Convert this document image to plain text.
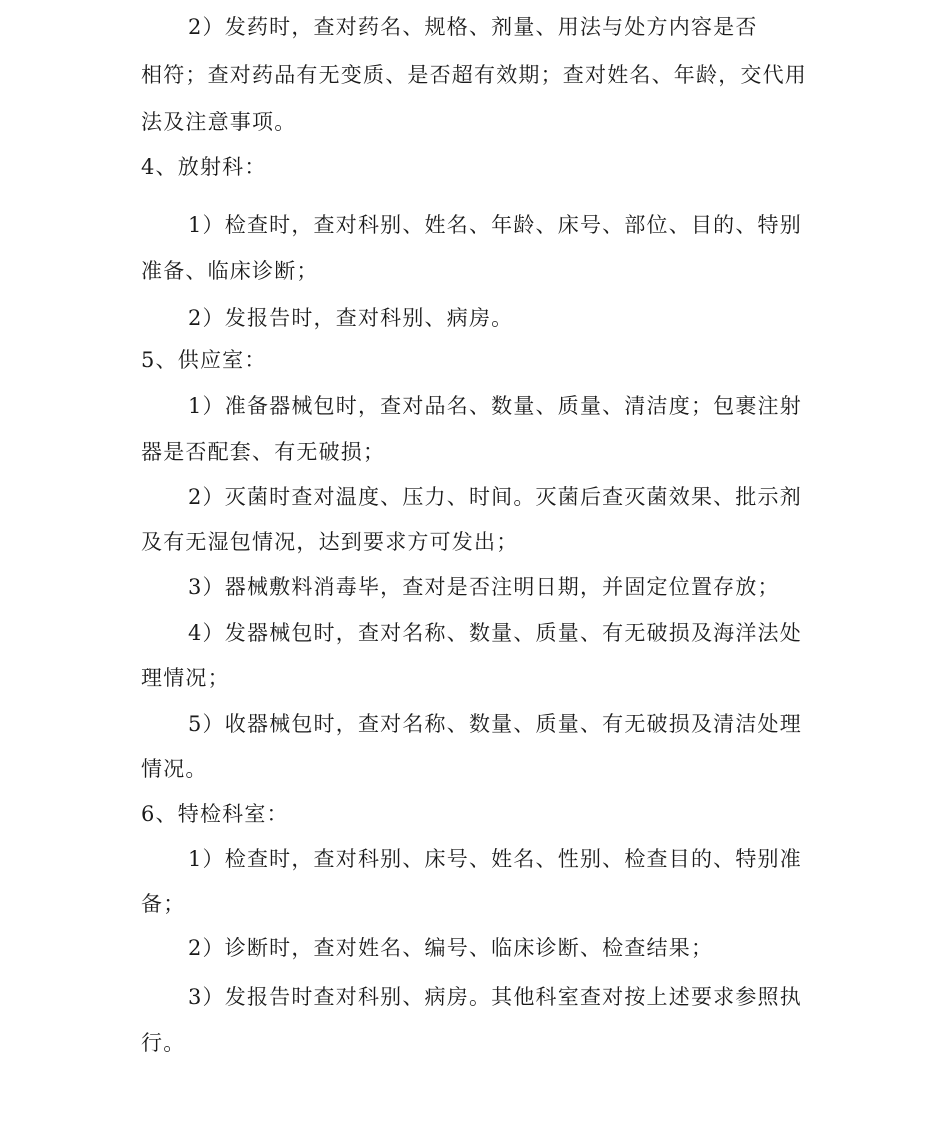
2）发药时，查对药名、规格、剂量、用法与处方内容是否
相符；查对药品有无变质、是否超有效期；查对姓名、年龄，交代用
法及注意事项。
4、放射科：
1）检查时，查对科别、姓名、年龄、床号、部位、目的、特别
准备、临床诊断；
2）发报告时，查对科别、病房。
5、供应室：
1）准备器械包时，查对品名、数量、质量、清洁度；包裹注射
器是否配套、有无破损；
2）灭菌时查对温度、压力、时间。灭菌后查灭菌效果、批示剂
及有无湿包情况，达到要求方可发出；
3）器械敷料消毒毕，查对是否注明日期，并固定位置存放；
4）发器械包时，查对名称、数量、质量、有无破损及海洋法处
理情况；
5）收器械包时，查对名称、数量、质量、有无破损及清洁处理
情况。
6、特检科室：
1）检查时，查对科别、床号、姓名、性别、检查目的、特别准
备；
2）诊断时，查对姓名、编号、临床诊断、检查结果；
3）发报告时查对科别、病房。其他科室查对按上述要求参照执
行。
